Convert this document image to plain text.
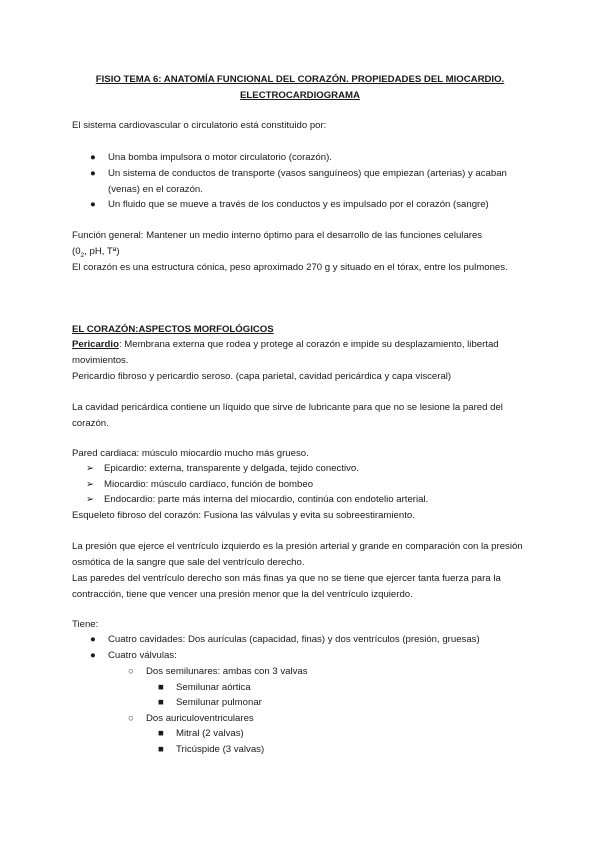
FISIO TEMA 6: ANATOMÍA FUNCIONAL DEL CORAZÓN. PROPIEDADES DEL MIOCARDIO. ELECTROCARDIOGRAMA

El sistema cardiovascular o circulatorio está constituido por:

● Una bomba impulsora o motor circulatorio (corazón).
● Un sistema de conductos de transporte (vasos sanguíneos) que empiezan (arterias) y acaban (venas) en el corazón.
● Un fluido que se mueve a través de los conductos y es impulsado por el corazón (sangre)

Función general: Mantener un medio interno óptimo para el desarrollo de las funciones celulares
($0_2$, pH, Tª)

El corazón es una estructura cónica, peso aproximado 270 g y situado en el tórax, entre los pulmones.

EL CORAZÓN:ASPECTOS MORFOLÓGICOS

Pericardio: Membrana externa que rodea y protege al corazón e impide su desplazamiento, libertad movimientos.

Pericardio fibroso y pericardio seroso. (capa parietal, cavidad pericárdica y capa visceral)

La cavidad pericárdica contiene un líquido que sirve de lubricante para que no se lesione la pared del corazón.

Pared cardiaca: músculo miocardio mucho más grueso.

➢ Epicardio: externa, transparente y delgada, tejido conectivo.
➢ Miocardio: músculo cardíaco, función de bombeo
➢ Endocardio: parte más interna del miocardio, continúa con endotelio arterial.

Esqueleto fibroso del corazón: Fusiona las válvulas y evita su sobreestiramiento.

La presión que ejerce el ventrículo izquierdo es la presión arterial y grande en comparación con la presión osmótica de la sangre que sale del ventrículo derecho.

Las paredes del ventrículo derecho son más finas ya que no se tiene que ejercer tanta fuerza para la contracción, tiene que vencer una presión menor que la del ventrículo izquierdo.

Tiene:

● Cuatro cavidades: Dos aurículas (capacidad, finas) y dos ventrículos (presión, gruesas)
● Cuatro válvulas:
○ Dos semilunares: ambas con 3 valvas
■ Semilunar aórtica
■ Semilunar pulmonar
○ Dos auriculoventriculares
■ Mitral (2 valvas)
■ Tricúspide (3 valvas)
